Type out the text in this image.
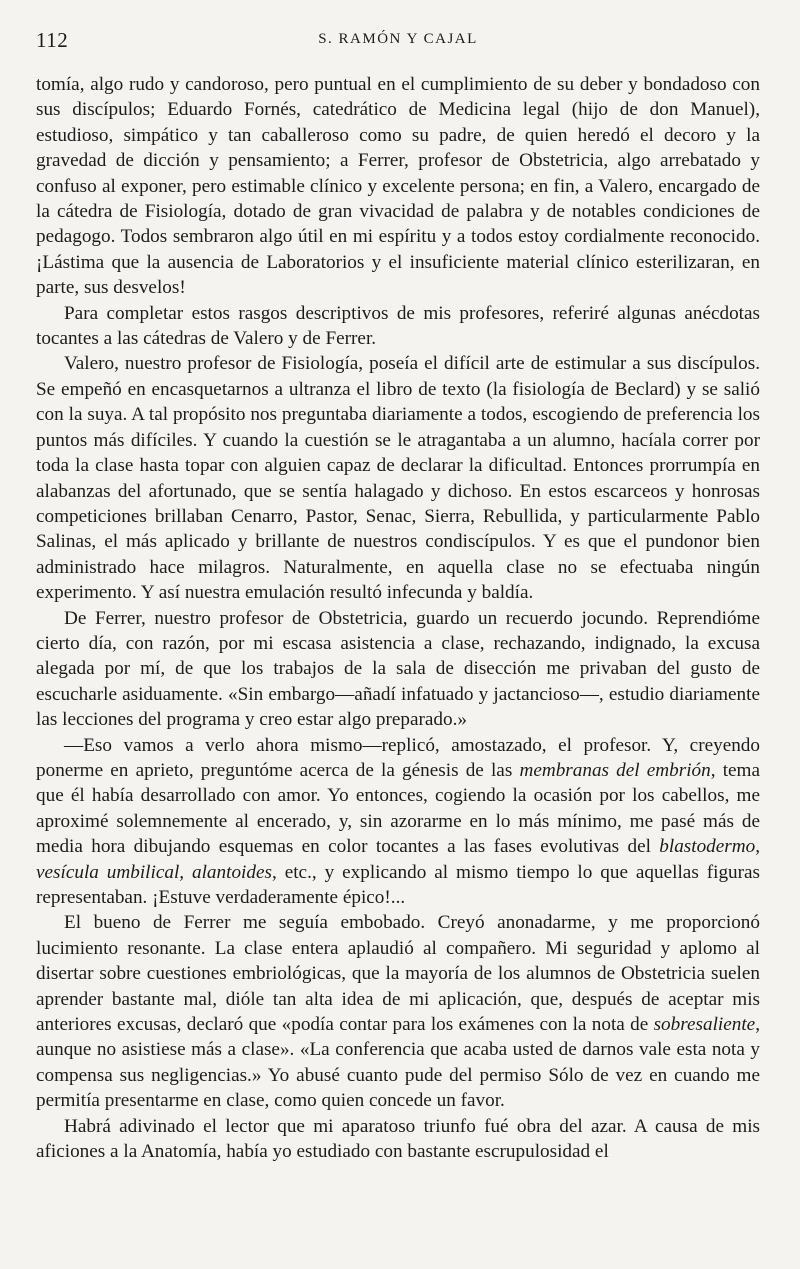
112	S. RAMÓN Y CAJAL

tomía, algo rudo y candoroso, pero puntual en el cumplimiento de su deber y bondadoso con sus discípulos; Eduardo Fornés, catedrático de Medicina legal (hijo de don Manuel), estudioso, simpático y tan caballeroso como su padre, de quien heredó el decoro y la gravedad de dicción y pensamiento; a Ferrer, profesor de Obstetricia, algo arrebatado y confuso al exponer, pero estimable clínico y excelente persona; en fin, a Valero, encargado de la cátedra de Fisiología, dotado de gran vivacidad de palabra y de notables condiciones de pedagogo. Todos sembraron algo útil en mi espíritu y a todos estoy cordialmente reconocido. ¡Lástima que la ausencia de Laboratorios y el insuficiente material clínico esterilizaran, en parte, sus desvelos!

Para completar estos rasgos descriptivos de mis profesores, referiré algunas anécdotas tocantes a las cátedras de Valero y de Ferrer.

Valero, nuestro profesor de Fisiología, poseía el difícil arte de estimular a sus discípulos. Se empeñó en encasquetarnos a ultranza el libro de texto (la fisiología de Beclard) y se salió con la suya. A tal propósito nos preguntaba diariamente a todos, escogiendo de preferencia los puntos más difíciles. Y cuando la cuestión se le atragantaba a un alumno, hacíala correr por toda la clase hasta topar con alguien capaz de declarar la dificultad. Entonces prorrumpía en alabanzas del afortunado, que se sentía halagado y dichoso. En estos escarceos y honrosas competiciones brillaban Cenarro, Pastor, Senac, Sierra, Rebullida, y particularmente Pablo Salinas, el más aplicado y brillante de nuestros condiscípulos. Y es que el pundonor bien administrado hace milagros. Naturalmente, en aquella clase no se efectuaba ningún experimento. Y así nuestra emulación resultó infecunda y baldía.

De Ferrer, nuestro profesor de Obstetricia, guardo un recuerdo jocundo. Reprendióme cierto día, con razón, por mi escasa asistencia a clase, rechazando, indignado, la excusa alegada por mí, de que los trabajos de la sala de disección me privaban del gusto de escucharle asiduamente. «Sin embargo—añadí infatuado y jactancioso—, estudio diariamente las lecciones del programa y creo estar algo preparado.»

—Eso vamos a verlo ahora mismo—replicó, amostazado, el profesor. Y, creyendo ponerme en aprieto, preguntóme acerca de la génesis de las membranas del embrión, tema que él había desarrollado con amor. Yo entonces, cogiendo la ocasión por los cabellos, me aproximé solemnemente al encerado, y, sin azorarme en lo más mínimo, me pasé más de media hora dibujando esquemas en color tocantes a las fases evolutivas del blastodermo, vesícula umbilical, alantoides, etc., y explicando al mismo tiempo lo que aquellas figuras representaban. ¡Estuve verdaderamente épico!...

El bueno de Ferrer me seguía embobado. Creyó anonadarme, y me proporcionó lucimiento resonante. La clase entera aplaudió al compañero. Mi seguridad y aplomo al disertar sobre cuestiones embriológicas, que la mayoría de los alumnos de Obstetricia suelen aprender bastante mal, dióle tan alta idea de mi aplicación, que, después de aceptar mis anteriores excusas, declaró que «podía contar para los exámenes con la nota de sobresaliente, aunque no asistiese más a clase». «La conferencia que acaba usted de darnos vale esta nota y compensa sus negligencias.» Yo abusé cuanto pude del permiso Sólo de vez en cuando me permitía presentarme en clase, como quien concede un favor.

Habrá adivinado el lector que mi aparatoso triunfo fué obra del azar. A causa de mis aficiones a la Anatomía, había yo estudiado con bastante escrupulosidad el
